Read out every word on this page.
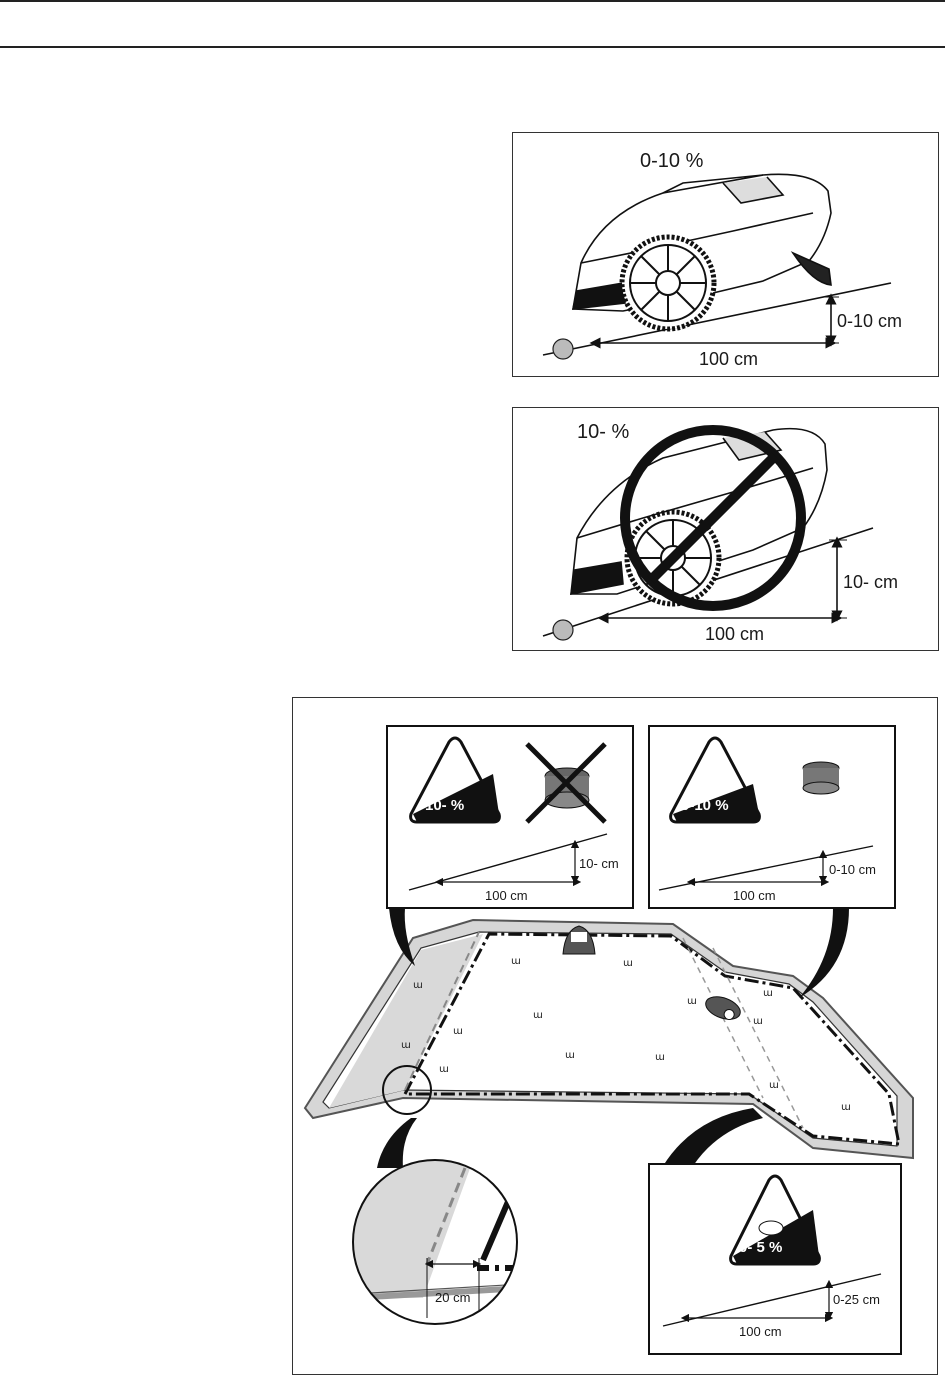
0-10 %
0-10 cm
100 cm
10- %
10- cm
100 cm
ɯ	ɯ
ɯ
ɯ
ɯ
ɯ
ɯ
ɯ
ɯ
ɯ	ɯ
ɯ
ɯ
ɯ
10- %
10- cm
100 cm
0-10 %
0-10 cm
100 cm
20 cm
0- 5 %
0-25 cm
100 cm
